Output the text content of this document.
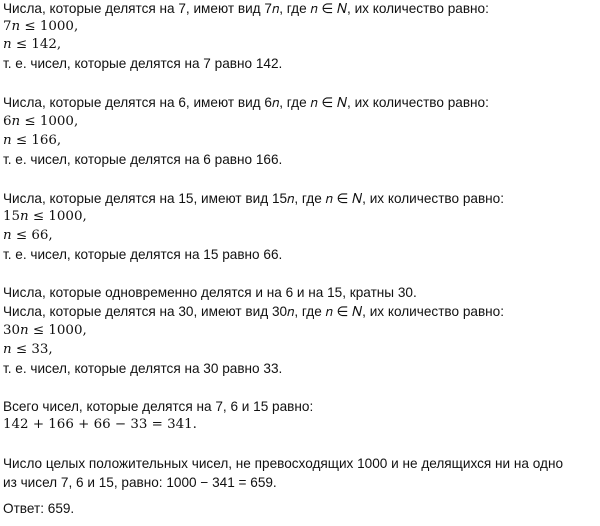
Числа, которые делятся на 7, имеют вид 7𝑛, где 𝑛 ∈ 𝑁, их количество равно:
7𝑛 ≤ 1000,
𝑛 ≤ 142,
т. е. чисел, которые делятся на 7 равно 142.
Числа, которые делятся на 6, имеют вид 6𝑛, где 𝑛 ∈ 𝑁, их количество равно:
6𝑛 ≤ 1000,
𝑛 ≤ 166,
т. е. чисел, которые делятся на 6 равно 166.
Числа, которые делятся на 15, имеют вид 15𝑛, где 𝑛 ∈ 𝑁, их количество равно:
15𝑛 ≤ 1000,
𝑛 ≤ 66,
т. е. чисел, которые делятся на 15 равно 66.
Числа, которые одновременно делятся и на 6 и на 15, кратны 30.
Числа, которые делятся на 30, имеют вид 30𝑛, где 𝑛 ∈ 𝑁, их количество равно:
30𝑛 ≤ 1000,
𝑛 ≤ 33,
т. е. чисел, которые делятся на 30 равно 33.
Всего чисел, которые делятся на 7, 6 и 15 равно:
142 + 166 + 66 − 33 = 341.
Число целых положительных чисел, не превосходящих 1000 и не делящихся ни на одно
из чисел 7, 6 и 15, равно: 1000 − 341 = 659.
Ответ: 659.
